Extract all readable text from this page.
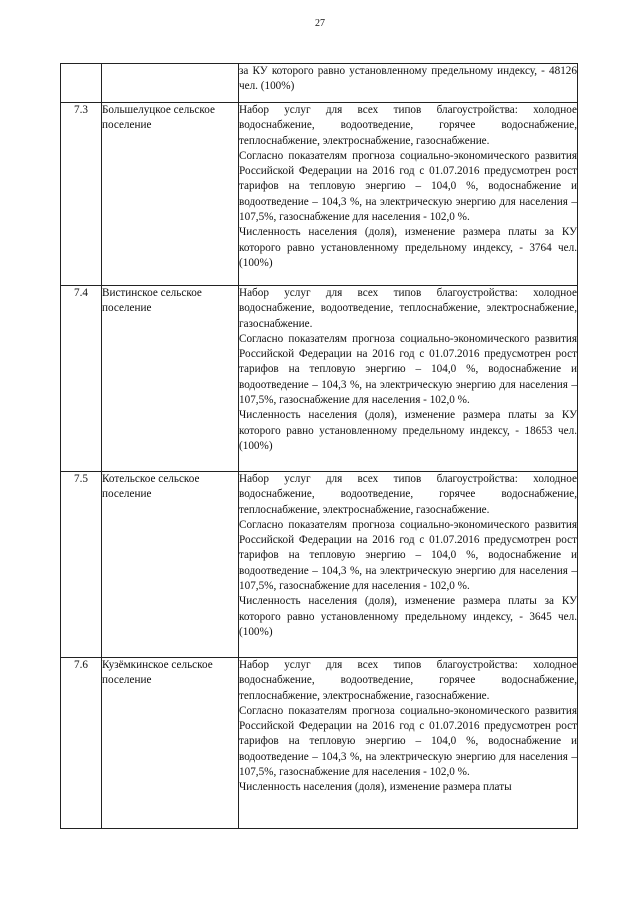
27

		за КУ которого равно установленному предельному индексу, - 48126 чел. (100%)

7.3	Большелуцкое сельское поселение	Набор услуг для всех типов благоустройства: холодное водоснабжение, водоотведение, горячее водоснабжение, теплоснабжение, электроснабжение, газоснабжение.

Согласно показателям прогноза социально-экономического развития Российской Федерации на 2016 год с 01.07.2016 предусмотрен рост тарифов на тепловую энергию – 104,0 %, водоснабжение и водоотведение – 104,3 %, на электрическую энергию для населения – 107,5%, газоснабжение для населения - 102,0 %.

Численность населения (доля), изменение размера платы за КУ которого равно установленному предельному индексу, - 3764 чел. (100%)

7.4	Вистинское сельское поселение	Набор услуг для всех типов благоустройства: холодное водоснабжение, водоотведение, теплоснабжение, электроснабжение, газоснабжение.

Согласно показателям прогноза социально-экономического развития Российской Федерации на 2016 год с 01.07.2016 предусмотрен рост тарифов на тепловую энергию – 104,0 %, водоснабжение и водоотведение – 104,3 %, на электрическую энергию для населения – 107,5%, газоснабжение для населения - 102,0 %.

Численность населения (доля), изменение размера платы за КУ которого равно установленному предельному индексу, - 18653 чел. (100%)

7.5	Котельское сельское поселение	Набор услуг для всех типов благоустройства: холодное водоснабжение, водоотведение, горячее водоснабжение, теплоснабжение, электроснабжение, газоснабжение.

Согласно показателям прогноза социально-экономического развития Российской Федерации на 2016 год с 01.07.2016 предусмотрен рост тарифов на тепловую энергию – 104,0 %, водоснабжение и водоотведение – 104,3 %, на электрическую энергию для населения – 107,5%, газоснабжение для населения - 102,0 %.

Численность населения (доля), изменение размера платы за КУ которого равно установленному предельному индексу, - 3645 чел. (100%)

7.6	Кузёмкинское сельское поселение	Набор услуг для всех типов благоустройства: холодное водоснабжение, водоотведение, горячее водоснабжение, теплоснабжение, электроснабжение, газоснабжение.

Согласно показателям прогноза социально-экономического развития Российской Федерации на 2016 год с 01.07.2016 предусмотрен рост тарифов на тепловую энергию – 104,0 %, водоснабжение и водоотведение – 104,3 %, на электрическую энергию для населения – 107,5%, газоснабжение для населения - 102,0 %.

Численность населения (доля), изменение размера платы
